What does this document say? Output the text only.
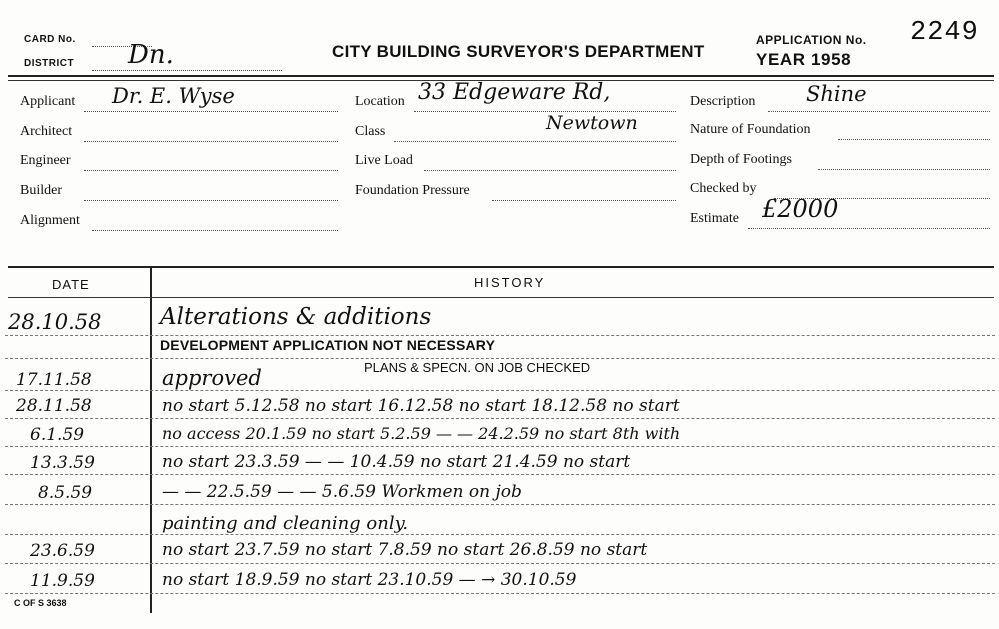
CARD No.
DISTRICT Dn.	CITY BUILDING SURVEYOR'S DEPARTMENT
APPLICATION No. 2249
YEAR 1958
Applicant Dr. E. Wyse
Architect
Engineer
Builder
Alignment
Location 33 Edgeware Rd,
Newtown
Class
Live Load
Foundation Pressure
Description Shine
Nature of Foundation
Depth of Footings
Checked by
Estimate £2000
DATE	HISTORY
28.10.58	Alterations & additions
DEVELOPMENT APPLICATION NOT NECESSARY
17.11.58	approved	PLANS & SPECN. ON JOB CHECKED
28.11.58	no start 5.12.58 no start 16.12.58 no start 18.12.58 no start
6.1.59	no access 20.1.59 no start 5.2.59 — — 24.2.59 no start 8th with
13.3.59	no start 23.3.59 — — 10.4.59 no start 21.4.59 no start
8.5.59	— — 22.5.59 — — 5.6.59 Workmen on job
painting and cleaning only.
23.6.59	no start 23.7.59 no start 7.8.59 no start 26.8.59 no start
11.9.59	no start 18.9.59 no start 23.10.59 — → 30.10.59
C OF S 3638
